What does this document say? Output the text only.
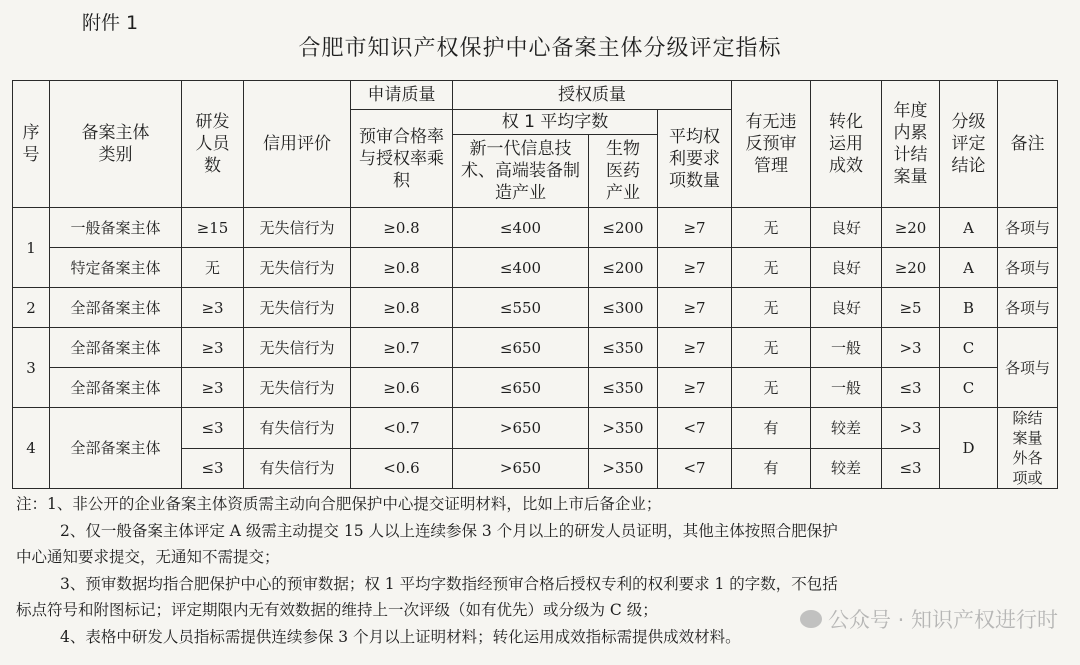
附件 1
合肥市知识产权保护中心备案主体分级评定指标
序号	备案主体类别	研发人员数	信用评价	申请质量	授权质量			有无违反预审管理	转化运用成效	年度内累计结案量	分级评定结论	备注
				预审合格率与授权率乘积	权 1 平均字数		平均权利要求项数量					
					新一代信息技术、高端装备制造产业	生物医药产业						
1	一般备案主体	≥15	无失信行为	≥0.8	≤400	≤200	≥7	无	良好	≥20	A	各项与
	特定备案主体	无	无失信行为	≥0.8	≤400	≤200	≥7	无	良好	≥20	A	各项与
2	全部备案主体	≥3	无失信行为	≥0.8	≤550	≤300	≥7	无	良好	≥5	B	各项与
3	全部备案主体	≥3	无失信行为	≥0.7	≤650	≤350	≥7	无	一般	>3	C	各项与
	全部备案主体	≥3	无失信行为	≥0.6	≤650	≤350	≥7	无	一般	≤3	C	
4	全部备案主体	≤3	有失信行为	<0.7	>650	>350	<7	有	较差	>3	D	除结案量外各项或
		≤3	有失信行为	<0.6	>650	>350	<7	有	较差	≤3		

注：1、非公开的企业备案主体资质需主动向合肥保护中心提交证明材料，比如上市后备企业；

2、仅一般备案主体评定 A 级需主动提交 15 人以上连续参保 3 个月以上的研发人员证明，其他主体按照合肥保护

中心通知要求提交，无通知不需提交；

3、预审数据均指合肥保护中心的预审数据；权 1 平均字数指经预审合格后授权专利的权利要求 1 的字数，不包括

标点符号和附图标记；评定期限内无有效数据的维持上一次评级（如有优先）或分级为 C 级；

4、表格中研发人员指标需提供连续参保 3 个月以上证明材料；转化运用成效指标需提供成效材料。

公众号 · 知识产权进行时
